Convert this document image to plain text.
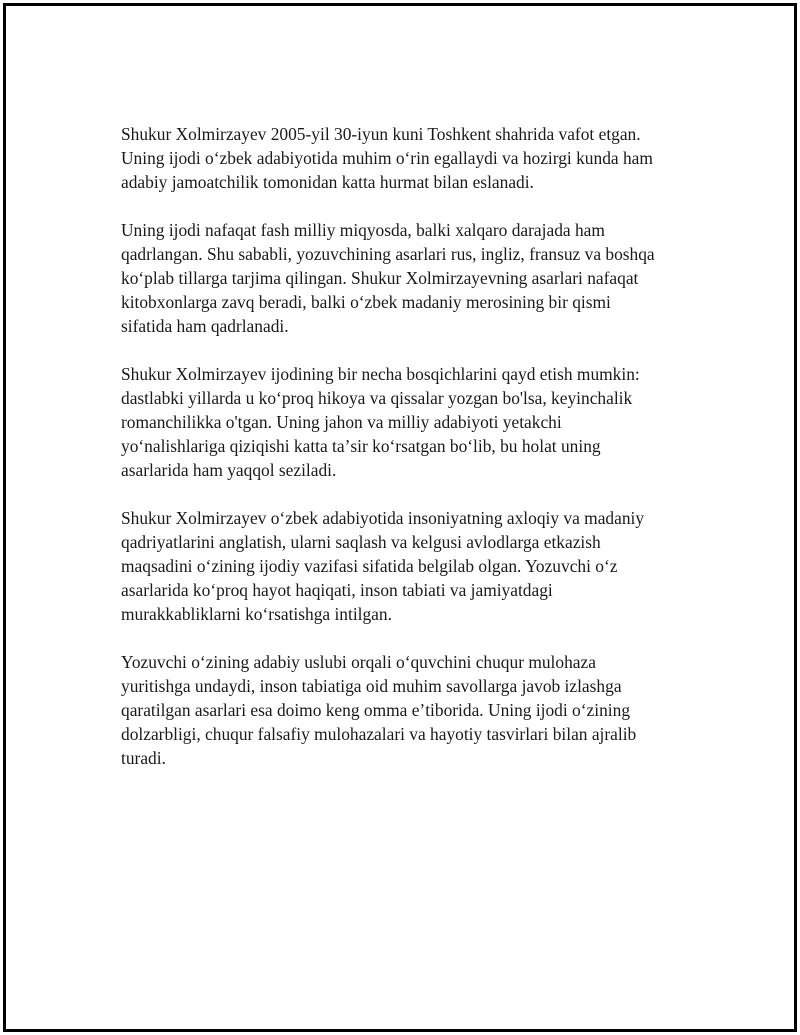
Shukur Xolmirzayev 2005-yil 30-iyun kuni Toshkent shahrida vafot etgan.
Uning ijodi oʻzbek adabiyotida muhim oʻrin egallaydi va hozirgi kunda ham
adabiy jamoatchilik tomonidan katta hurmat bilan eslanadi.

Uning ijodi nafaqat fash milliy miqyosda, balki xalqaro darajada ham
qadrlangan. Shu sababli, yozuvchining asarlari rus, ingliz, fransuz va boshqa
koʻplab tillarga tarjima qilingan. Shukur Xolmirzayevning asarlari nafaqat
kitobxonlarga zavq beradi, balki oʻzbek madaniy merosining bir qismi
sifatida ham qadrlanadi.

Shukur Xolmirzayev ijodining bir necha bosqichlarini qayd etish mumkin:
dastlabki yillarda u koʻproq hikoya va qissalar yozgan bo'lsa, keyinchalik
romanchilikka o'tgan. Uning jahon va milliy adabiyoti yetakchi
yoʻnalishlariga qiziqishi katta taʼsir koʻrsatgan boʻlib, bu holat uning
asarlarida ham yaqqol seziladi.

Shukur Xolmirzayev oʻzbek adabiyotida insoniyatning axloqiy va madaniy
qadriyatlarini anglatish, ularni saqlash va kelgusi avlodlarga etkazish
maqsadini oʻzining ijodiy vazifasi sifatida belgilab olgan. Yozuvchi oʻz
asarlarida koʻproq hayot haqiqati, inson tabiati va jamiyatdagi
murakkabliklarni koʻrsatishga intilgan.

Yozuvchi oʻzining adabiy uslubi orqali oʻquvchini chuqur mulohaza
yuritishga undaydi, inson tabiatiga oid muhim savollarga javob izlashga
qaratilgan asarlari esa doimo keng omma eʼtiborida. Uning ijodi oʻzining
dolzarbligi, chuqur falsafiy mulohazalari va hayotiy tasvirlari bilan ajralib
turadi.
